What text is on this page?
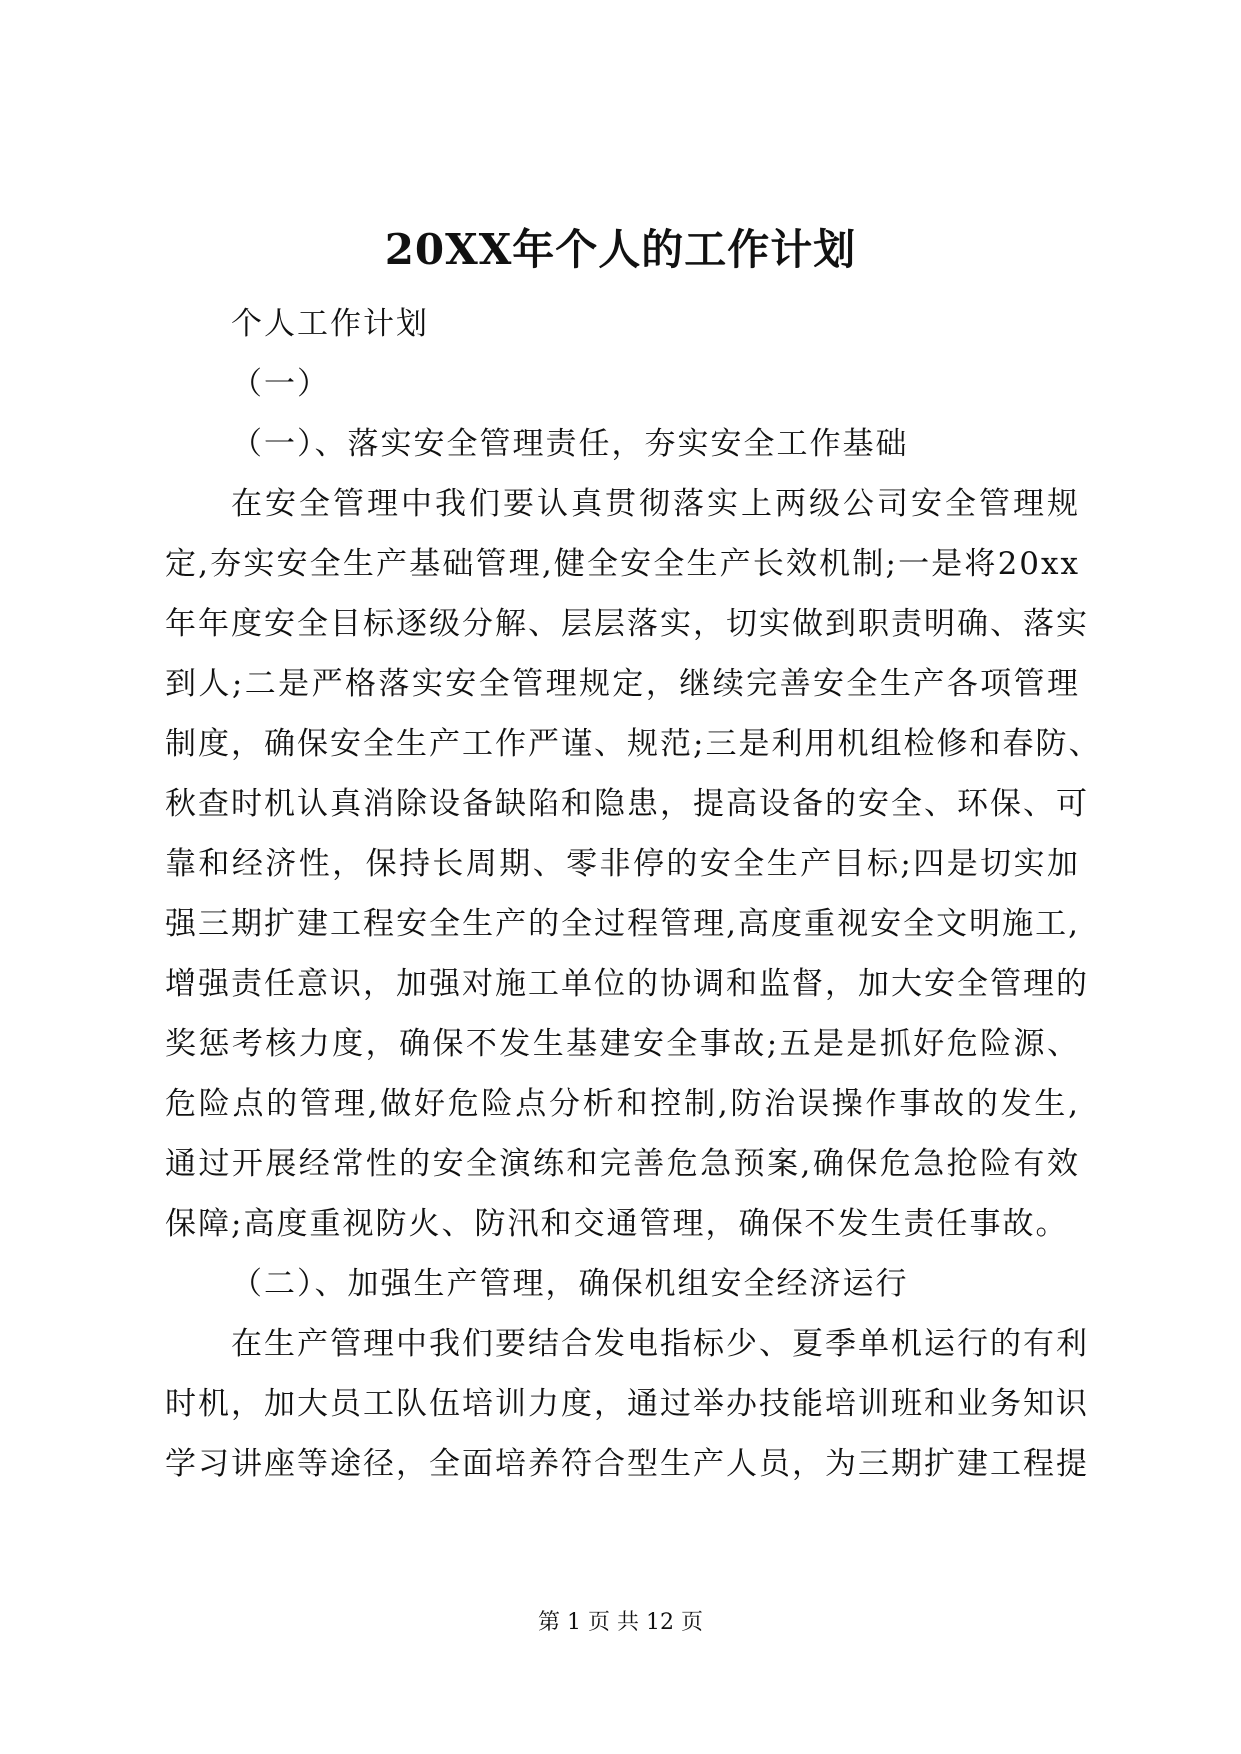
20XX年个人的工作计划
个人工作计划
（一）
（一）、落实安全管理责任，夯实安全工作基础
在安全管理中我们要认真贯彻落实上两级公司安全管理规
定,夯实安全生产基础管理,健全安全生产长效机制;一是将20xx
年年度安全目标逐级分解、层层落实，切实做到职责明确、落实
到人;二是严格落实安全管理规定，继续完善安全生产各项管理
制度，确保安全生产工作严谨、规范;三是利用机组检修和春防、
秋查时机认真消除设备缺陷和隐患，提高设备的安全、环保、可
靠和经济性，保持长周期、零非停的安全生产目标;四是切实加
强三期扩建工程安全生产的全过程管理,高度重视安全文明施工,
增强责任意识，加强对施工单位的协调和监督，加大安全管理的
奖惩考核力度，确保不发生基建安全事故;五是是抓好危险源、
危险点的管理,做好危险点分析和控制,防治误操作事故的发生,
通过开展经常性的安全演练和完善危急预案,确保危急抢险有效
保障;高度重视防火、防汛和交通管理，确保不发生责任事故。
（二）、加强生产管理，确保机组安全经济运行
在生产管理中我们要结合发电指标少、夏季单机运行的有利
时机，加大员工队伍培训力度，通过举办技能培训班和业务知识
学习讲座等途径，全面培养符合型生产人员，为三期扩建工程提
第 1 页 共 12 页
